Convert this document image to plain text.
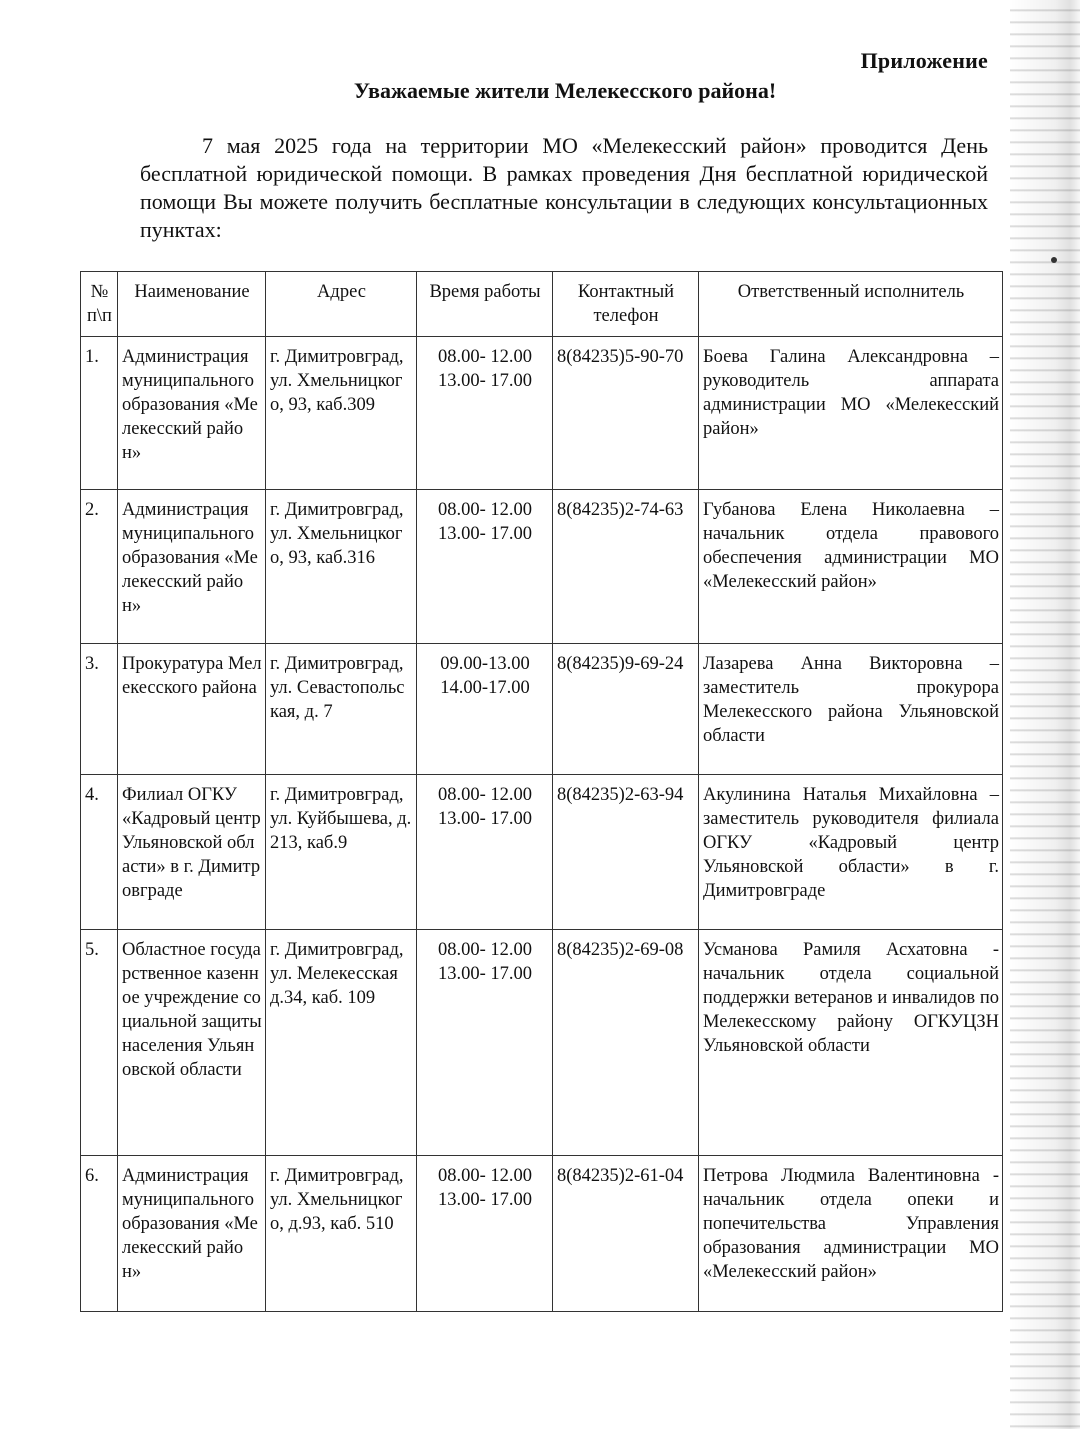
Приложение
Уважаемые жители Мелекесского района!

7 мая 2025 года на территории МО «Мелекесский район» проводится День бесплатной юридической помощи. В рамках проведения Дня бесплатной юридической помощи Вы можете получить бесплатные консультации в следующих консультационных пунктах:

№ п\п	Наименование	Адрес	Время работы	Контактный телефон	Ответственный исполнитель
1.	Администрация муниципального образования «Мелекесский район»	г. Димитровград, ул. Хмельницкого, 93, каб.309	08.00- 12.00 13.00- 17.00	8(84235)5-90-70	Боева Галина Александровна – руководитель аппарата администрации МО «Мелекесский район»
2.	Администрация муниципального образования «Мелекесский район»	г. Димитровград, ул. Хмельницкого, 93, каб.316	08.00- 12.00 13.00- 17.00	8(84235)2-74-63	Губанова Елена Николаевна – начальник отдела правового обеспечения администрации МО «Мелекесский район»
3.	Прокуратура Мелекесского района	г. Димитровград, ул. Севастопольская, д. 7	09.00-13.00 14.00-17.00	8(84235)9-69-24	Лазарева Анна Викторовна – заместитель прокурора Мелекесского района Ульяновской области
4.	Филиал ОГКУ «Кадровый центр Ульяновской области» в г. Димитровграде	г. Димитровград, ул. Куйбышева, д.213, каб.9	08.00- 12.00 13.00- 17.00	8(84235)2-63-94	Акулинина Наталья Михайловна – заместитель руководителя филиала ОГКУ «Кадровый центр Ульяновской области» в г. Димитровграде
5.	Областное государственное казенное учреждение социальной защиты населения Ульяновской области	г. Димитровград, ул. Мелекесская д.34, каб. 109	08.00- 12.00 13.00- 17.00	8(84235)2-69-08	Усманова Рамиля Асхатовна - начальник отдела социальной поддержки ветеранов и инвалидов по Мелекесскому району ОГКУЦЗН Ульяновской области
6.	Администрация муниципального образования «Мелекесский район»	г. Димитровград, ул. Хмельницкого, д.93, каб. 510	08.00- 12.00 13.00- 17.00	8(84235)2-61-04	Петрова Людмила Валентиновна - начальник отдела опеки и попечительства Управления образования администрации МО «Мелекесский район»
